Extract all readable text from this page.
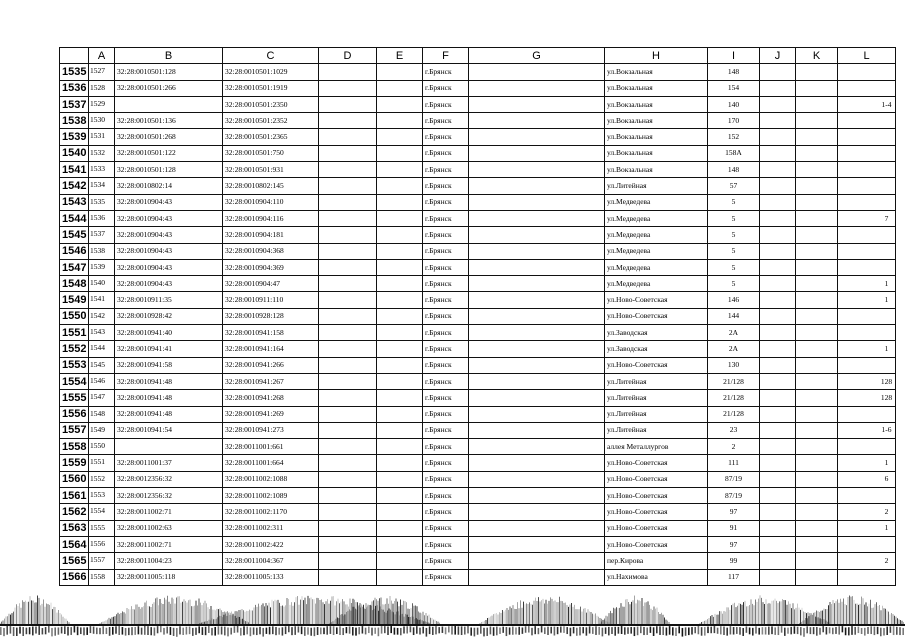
	A	B	C	D	E	F	G	H	I	J	K	L
1535	1527	32:28:0010501:128	32:28:0010501:1029			г.Брянск		ул.Вокзальная	148			
1536	1528	32:28:0010501:266	32:28:0010501:1919			г.Брянск		ул.Вокзальная	154			
1537	1529		32:28:0010501:2350			г.Брянск		ул.Вокзальная	140			1-4
1538	1530	32:28:0010501:136	32:28:0010501:2352			г.Брянск		ул.Вокзальная	170			
1539	1531	32:28:0010501:268	32:28:0010501:2365			г.Брянск		ул.Вокзальная	152			
1540	1532	32:28:0010501:122	32:28:0010501:750			г.Брянск		ул.Вокзальная	158А			
1541	1533	32:28:0010501:128	32:28:0010501:931			г.Брянск		ул.Вокзальная	148			
1542	1534	32:28:0010802:14	32:28:0010802:145			г.Брянск		ул.Литейная	57			
1543	1535	32:28:0010904:43	32:28:0010904:110			г.Брянск		ул.Медведева	5			
1544	1536	32:28:0010904:43	32:28:0010904:116			г.Брянск		ул.Медведева	5			7
1545	1537	32:28:0010904:43	32:28:0010904:181			г.Брянск		ул.Медведева	5			
1546	1538	32:28:0010904:43	32:28:0010904:368			г.Брянск		ул.Медведева	5			
1547	1539	32:28:0010904:43	32:28:0010904:369			г.Брянск		ул.Медведева	5			
1548	1540	32:28:0010904:43	32:28:0010904:47			г.Брянск		ул.Медведева	5			1
1549	1541	32:28:0010911:35	32:28:0010911:110			г.Брянск		ул.Ново-Советская	146			1
1550	1542	32:28:0010928:42	32:28:0010928:128			г.Брянск		ул.Ново-Советская	144			
1551	1543	32:28:0010941:40	32:28:0010941:158			г.Брянск		ул.Заводская	2А			
1552	1544	32:28:0010941:41	32:28:0010941:164			г.Брянск		ул.Заводская	2А			1
1553	1545	32:28:0010941:58	32:28:0010941:266			г.Брянск		ул.Ново-Советская	130			
1554	1546	32:28:0010941:48	32:28:0010941:267			г.Брянск		ул.Литейная	21/128			128
1555	1547	32:28:0010941:48	32:28:0010941:268			г.Брянск		ул.Литейная	21/128			128
1556	1548	32:28:0010941:48	32:28:0010941:269			г.Брянск		ул.Литейная	21/128			
1557	1549	32:28:0010941:54	32:28:0010941:273			г.Брянск		ул.Литейная	23			1-6
1558	1550		32:28:0011001:661			г.Брянск		аллея Металлургов	2			
1559	1551	32:28:0011001:37	32:28:0011001:664			г.Брянск		ул.Ново-Советская	111			1
1560	1552	32:28:0012356:32	32:28:0011002:1088			г.Брянск		ул.Ново-Советская	87/19			6
1561	1553	32:28:0012356:32	32:28:0011002:1089			г.Брянск		ул.Ново-Советская	87/19			
1562	1554	32:28:0011002:71	32:28:0011002:1170			г.Брянск		ул.Ново-Советская	97			2
1563	1555	32:28:0011002:63	32:28:0011002:311			г.Брянск		ул.Ново-Советская	91			1
1564	1556	32:28:0011002:71	32:28:0011002:422			г.Брянск		ул.Ново-Советская	97			
1565	1557	32:28:0011004:23	32:28:0011004:367			г.Брянск		пер.Кирова	99			2
1566	1558	32:28:0011005:118	32:28:0011005:133			г.Брянск		ул.Нахимова	117			
